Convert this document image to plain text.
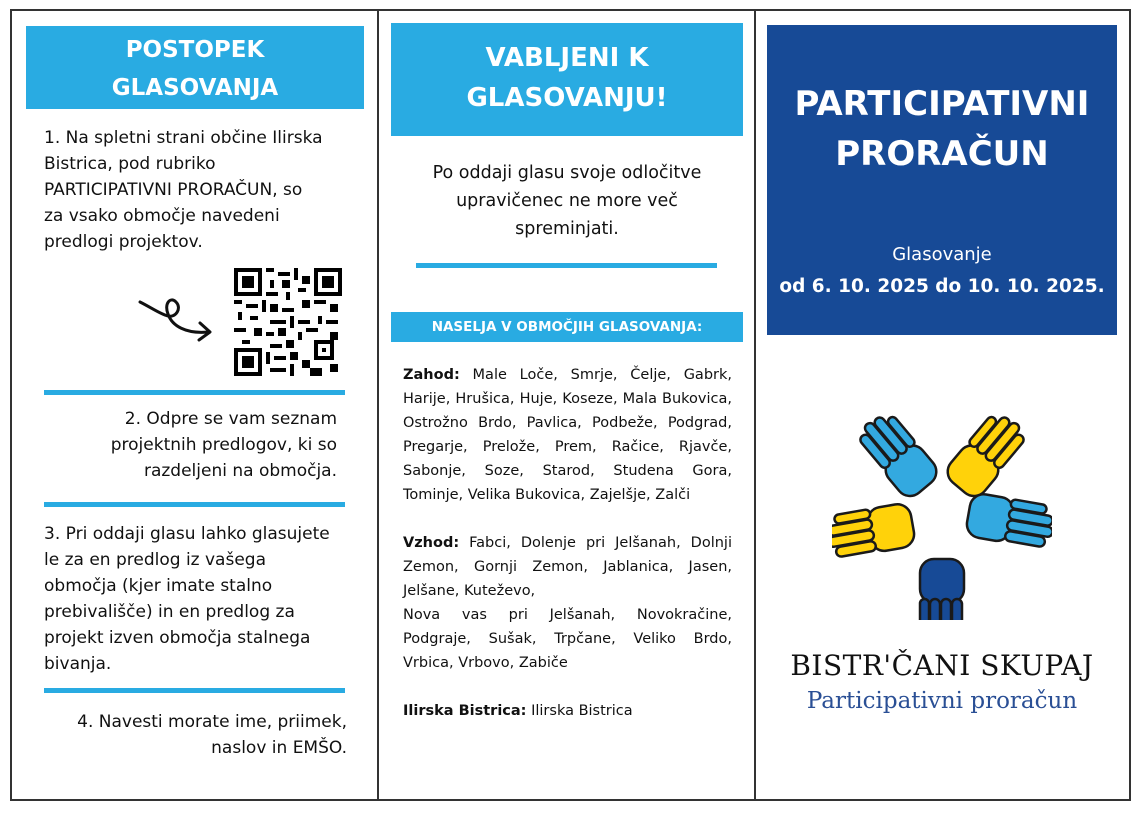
POSTOPEK
GLASOVANJA
1. Na spletni strani občine Ilirska
Bistrica, pod rubriko
PARTICIPATIVNI PRORAČUN, so
za vsako območje navedeni
predlogi projektov.
2. Odpre se vam seznam
projektnih predlogov, ki so
razdeljeni na območja.
3. Pri oddaji glasu lahko glasujete
le za en predlog iz vašega
območja (kjer imate stalno
prebivališče) in en predlog za
projekt izven območja stalnega
bivanja.
4. Navesti morate ime, priimek,
naslov in EMŠO.
VABLJENI K
GLASOVANJU!
Po oddaji glasu svoje odločitve
upravičenec ne more več
spreminjati.
NASELJA V OBMOČJIH GLASOVANJA:

Zahod: Male Loče, Smrje, Čelje, Gabrk, Harije, Hrušica, Huje, Koseze, Mala Bukovica, Ostrožno Brdo, Pavlica, Podbeže, Podgrad, Pregarje, Prelože, Prem, Račice, Rjavče, Sabonje, Soze, Starod, Studena Gora, Tominje, Velika Bukovica, Zajelšje, Zalči

Vzhod: Fabci, Dolenje pri Jelšanah, Dolnji Zemon, Gornji Zemon, Jablanica, Jasen, Jelšane, Kuteževo,

Nova vas pri Jelšanah, Novokračine, Podgraje, Sušak, Trpčane, Veliko Brdo, Vrbica, Vrbovo, Zabiče

Ilirska Bistrica: Ilirska Bistrica

PARTICIPATIVNI
PRORAČUN
Glasovanje
od 6. 10. 2025 do 10. 10. 2025.
BISTR'ČANI SKUPAJ
Participativni proračun
